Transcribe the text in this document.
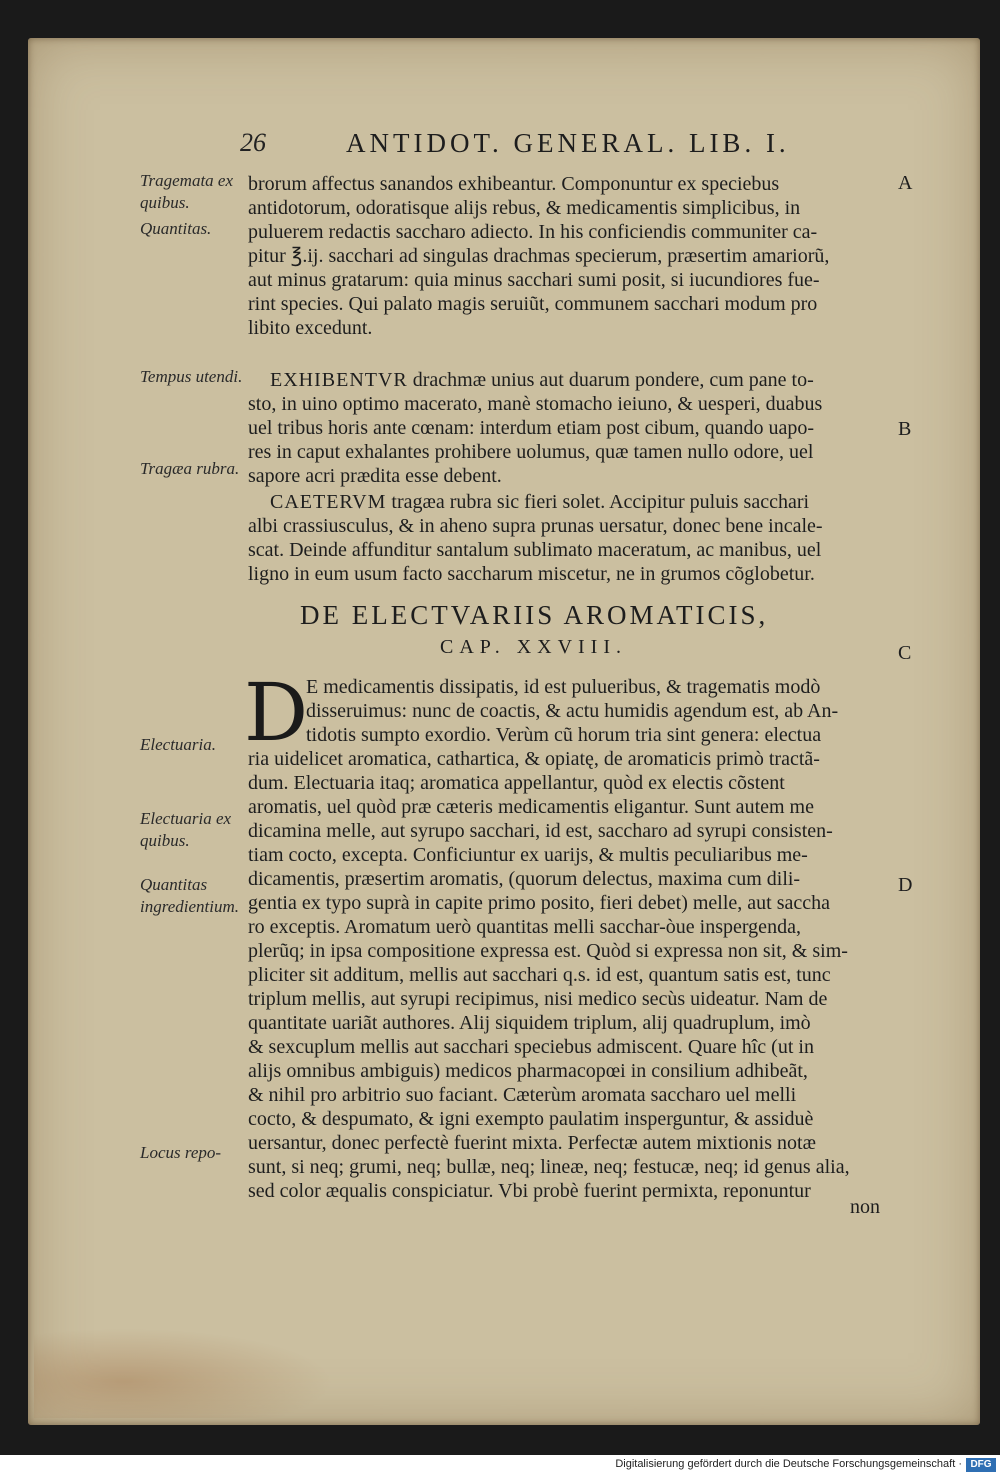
26	ANTIDOT. GENERAL. LIB. I.
Tragemata ex quibus.
Quantitas.
Tempus utendi.
Tragæa rubra.
Electuaria.
Electuaria ex quibus.
Quantitas ingredientium.
Locus repo-
A
B
C
D
brorum affectus sanandos exhibeantur. Componuntur ex speciebus
antidotorum, odoratisque alijs rebus, & medicamentis simplicibus, in
puluerem redactis saccharo adiecto. In his conficiendis communiter ca-
pitur ℥.ij. sacchari ad singulas drachmas specierum, præsertim amariorũ,
aut minus gratarum: quia minus sacchari sumi posit, si iucundiores fue-
rint species. Qui palato magis seruiũt, communem sacchari modum pro
libito excedunt.
EXHIBENTVR drachmæ unius aut duarum pondere, cum pane to-
sto, in uino optimo macerato, manè stomacho ieiuno, & uesperi, duabus
uel tribus horis ante cœnam: interdum etiam post cibum, quando uapo-
res in caput exhalantes prohibere uolumus, quæ tamen nullo odore, uel
sapore acri prædita esse debent.
CAETERVM tragæa rubra sic fieri solet. Accipitur puluis sacchari
albi crassiusculus, & in aheno supra prunas uersatur, donec bene incale-
scat. Deinde affunditur santalum sublimato maceratum, ac manibus, uel
ligno in eum usum facto saccharum miscetur, ne in grumos cõglobetur.
DE ELECTVARIIS AROMATICIS,
CAP. XXVIII.
D
E medicamentis dissipatis, id est pulueribus, & tragematis modò
disseruimus: nunc de coactis, & actu humidis agendum est, ab An-
tidotis sumpto exordio. Verùm cũ horum tria sint genera: electua
ria uidelicet aromatica, cathartica, & opiatę, de aromaticis primò tractã-
dum. Electuaria itaq; aromatica appellantur, quòd ex electis cõstent
aromatis, uel quòd præ cæteris medicamentis eligantur. Sunt autem me
dicamina melle, aut syrupo sacchari, id est, saccharo ad syrupi consisten-
tiam cocto, excepta. Conficiuntur ex uarijs, & multis peculiaribus me-
dicamentis, præsertim aromatis, (quorum delectus, maxima cum dili-
gentia ex typo suprà in capite primo posito, fieri debet) melle, aut saccha
ro exceptis. Aromatum uerò quantitas melli sacchar-òue inspergenda,
plerũq; in ipsa compositione expressa est. Quòd si expressa non sit, & sim-
pliciter sit additum, mellis aut sacchari q.s. id est, quantum satis est, tunc
triplum mellis, aut syrupi recipimus, nisi medico secùs uideatur. Nam de
quantitate uariãt authores. Alij siquidem triplum, alij quadruplum, imò
& sexcuplum mellis aut sacchari speciebus admiscent. Quare hîc (ut in
alijs omnibus ambiguis) medicos pharmacopœi in consilium adhibeãt,
& nihil pro arbitrio suo faciant. Cæterùm aromata saccharo uel melli
cocto, & despumato, & igni exempto paulatim insperguntur, & assiduè
uersantur, donec perfectè fuerint mixta. Perfectæ autem mixtionis notæ
sunt, si neq; grumi, neq; bullæ, neq; lineæ, neq; festucæ, neq; id genus alia,
sed color æqualis conspiciatur. Vbi probè fuerint permixta, reponuntur
non
Digitalisierung gefördert durch die Deutsche Forschungsgemeinschaft · DFG
